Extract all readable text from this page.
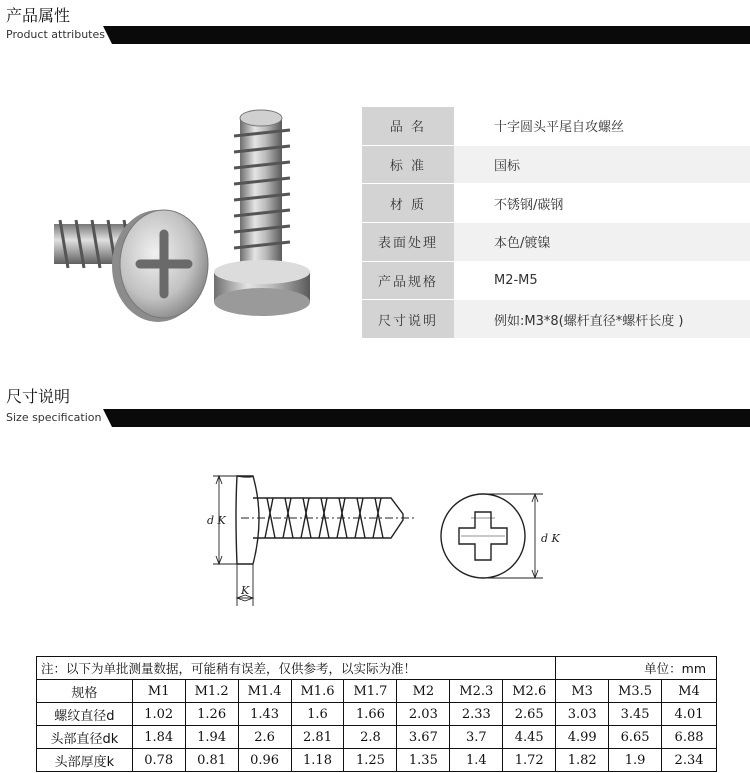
产品属性
Product attributes
品 名	十字圆头平尾自攻螺丝
标 准	国标
材 质	不锈钢/碳钢
表面处理	本色/镀镍
产品规格	M2-M5
尺寸说明	例如:M3*8(螺杆直径*螺杆长度 )
尺寸说明
Size specification
d K
K
d K
注：以下为单批测量数据，可能稍有误差，仅供参考，以实际为准！									单位：mm		
规格	M1	M1.2	M1.4	M1.6	M1.7	M2	M2.3	M2.6	M3	M3.5	M4
螺纹直径d	1.02	1.26	1.43	1.6	1.66	2.03	2.33	2.65	3.03	3.45	4.01
头部直径dk	1.84	1.94	2.6	2.81	2.8	3.67	3.7	4.45	4.99	6.65	6.88
头部厚度k	0.78	0.81	0.96	1.18	1.25	1.35	1.4	1.72	1.82	1.9	2.34
